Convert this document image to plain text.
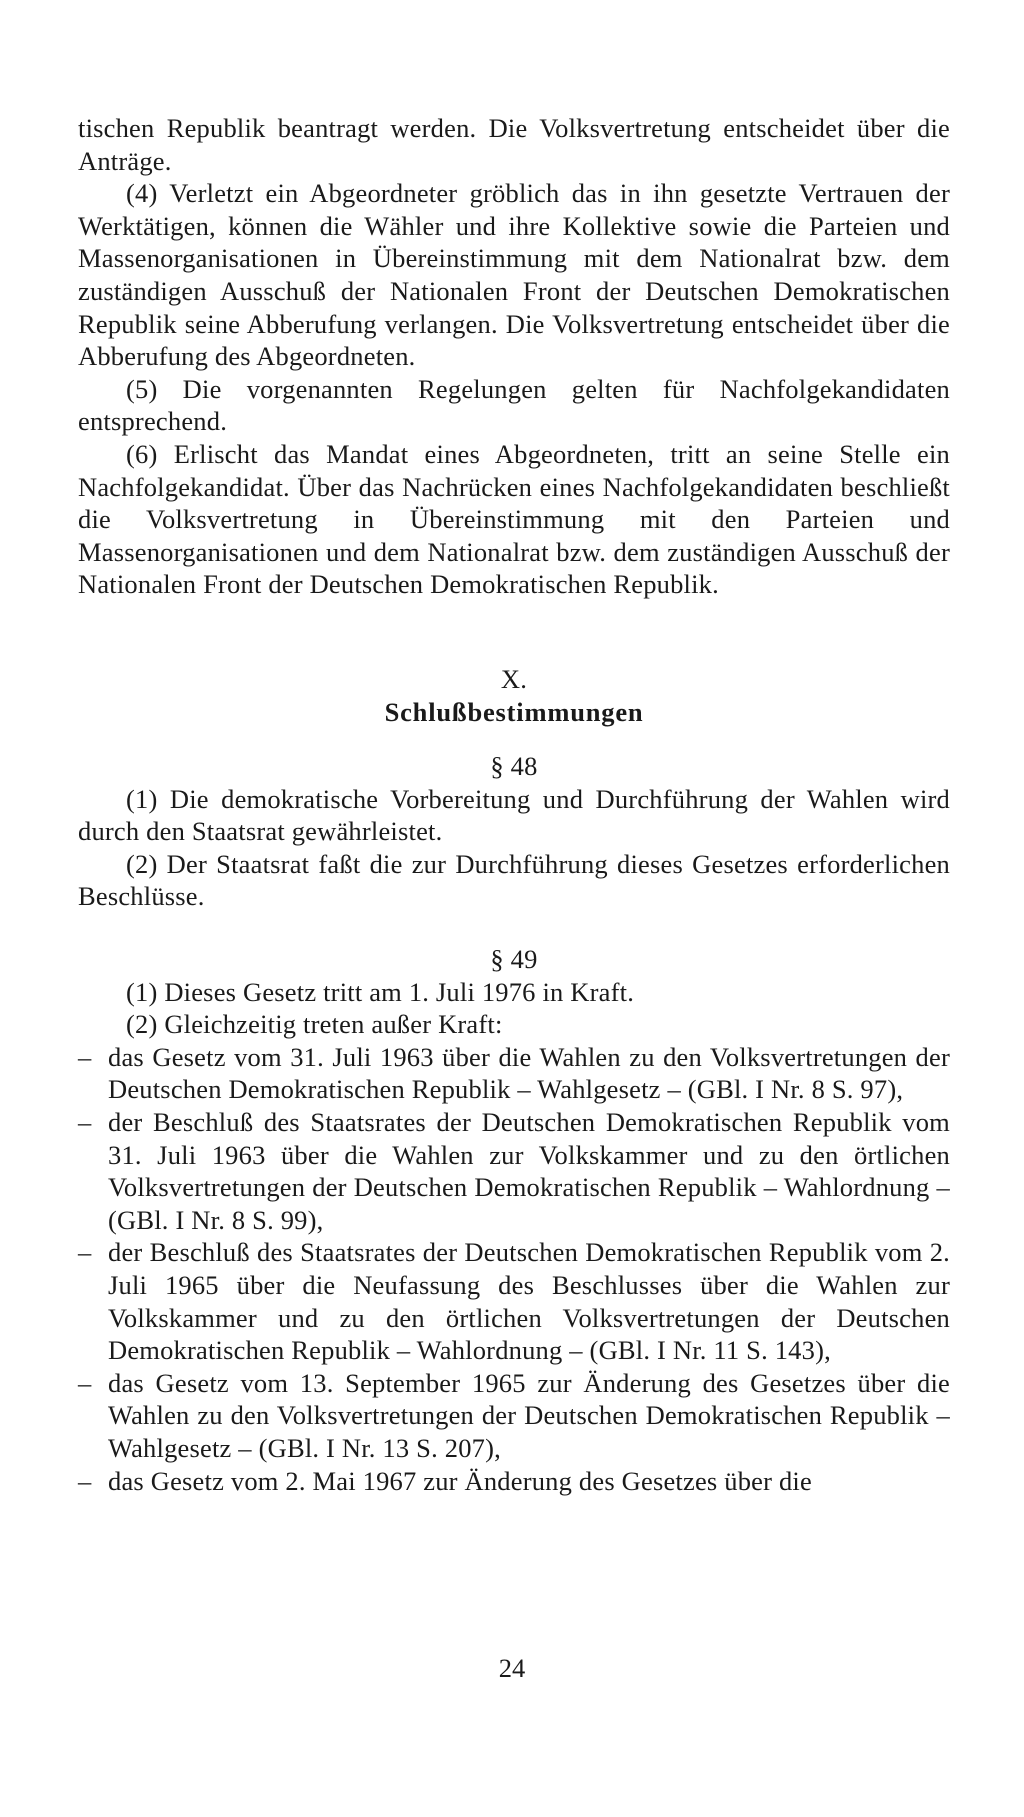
tischen Republik beantragt werden. Die Volksvertretung entscheidet über die Anträge.

(4) Verletzt ein Abgeordneter gröblich das in ihn gesetzte Vertrauen der Werktätigen, können die Wähler und ihre Kollektive sowie die Parteien und Massenorganisationen in Übereinstimmung mit dem Nationalrat bzw. dem zuständigen Ausschuß der Nationalen Front der Deutschen Demokratischen Republik seine Abberufung verlangen. Die Volksvertretung entscheidet über die Abberufung des Abgeordneten.

(5) Die vorgenannten Regelungen gelten für Nachfolgekandidaten entsprechend.

(6) Erlischt das Mandat eines Abgeordneten, tritt an seine Stelle ein Nachfolgekandidat. Über das Nachrücken eines Nachfolgekandidaten beschließt die Volksvertretung in Übereinstimmung mit den Parteien und Massenorganisationen und dem Nationalrat bzw. dem zuständigen Ausschuß der Nationalen Front der Deutschen Demokratischen Republik.

X.
Schlußbestimmungen
§ 48

(1) Die demokratische Vorbereitung und Durchführung der Wahlen wird durch den Staatsrat gewährleistet.

(2) Der Staatsrat faßt die zur Durchführung dieses Gesetzes erforderlichen Beschlüsse.

§ 49

(1) Dieses Gesetz tritt am 1. Juli 1976 in Kraft.

(2) Gleichzeitig treten außer Kraft:

– das Gesetz vom 31. Juli 1963 über die Wahlen zu den Volksvertretungen der Deutschen Demokratischen Republik – Wahlgesetz – (GBl. I Nr. 8 S. 97),
– der Beschluß des Staatsrates der Deutschen Demokratischen Republik vom 31. Juli 1963 über die Wahlen zur Volkskammer und zu den örtlichen Volksvertretungen der Deutschen Demokratischen Republik – Wahlordnung – (GBl. I Nr. 8 S. 99),
– der Beschluß des Staatsrates der Deutschen Demokratischen Republik vom 2. Juli 1965 über die Neufassung des Beschlusses über die Wahlen zur Volkskammer und zu den örtlichen Volksvertretungen der Deutschen Demokratischen Republik – Wahlordnung – (GBl. I Nr. 11 S. 143),
– das Gesetz vom 13. September 1965 zur Änderung des Gesetzes über die Wahlen zu den Volksvertretungen der Deutschen Demokratischen Republik – Wahlgesetz – (GBl. I Nr. 13 S. 207),
– das Gesetz vom 2. Mai 1967 zur Änderung des Gesetzes über die
24
